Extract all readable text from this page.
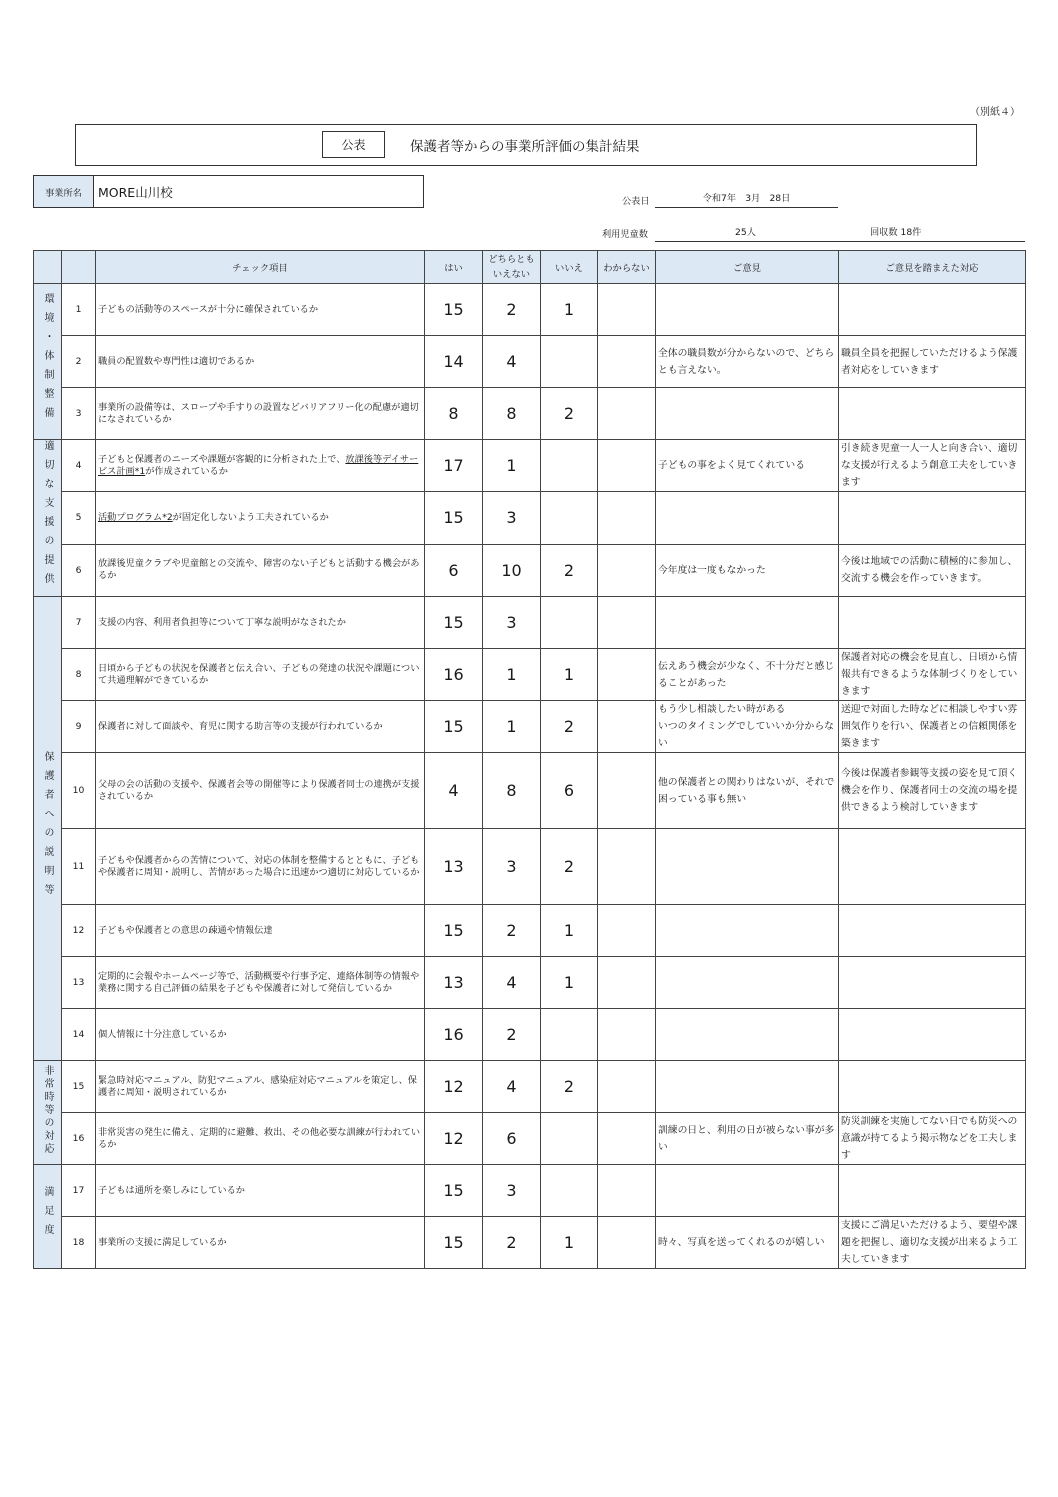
（別紙４）
公表	保護者等からの事業所評価の集計結果
事業所名	MORE山川校
公表日	令和7年　3月　28日
利用児童数	25人	回収数 18件
		チェック項目	はい	どちらとも
いえない	いいえ	わからない	ご意見	ご意見を踏まえた対応
環境・体制整備	1	子どもの活動等のスペースが十分に確保されているか	15	2	1			
	2	職員の配置数や専門性は適切であるか	14	4			全体の職員数が分からないので、どちらとも言えない。	職員全員を把握していただけるよう保護者対応をしていきます
	3	事業所の設備等は、スロープや手すりの設置などバリアフリー化の配慮が適切になされているか	8	8	2			
適切な支援の提供	4	子どもと保護者のニーズや課題が客観的に分析された上で、放課後等デイサービス計画*1が作成されているか	17	1			子どもの事をよく見てくれている	引き続き児童一人一人と向き合い、適切な支援が行えるよう創意工夫をしていきます
	5	活動プログラム*2が固定化しないよう工夫されているか	15	3				
	6	放課後児童クラブや児童館との交流や、障害のない子どもと活動する機会があるか	6	10	2		今年度は一度もなかった	今後は地域での活動に積極的に参加し、交流する機会を作っていきます。
保護者への説明等	7	支援の内容、利用者負担等について丁寧な説明がなされたか	15	3				
	8	日頃から子どもの状況を保護者と伝え合い、子どもの発達の状況や課題について共通理解ができているか	16	1	1		伝えあう機会が少なく、不十分だと感じることがあった	保護者対応の機会を見直し、日頃から情報共有できるような体制づくりをしていきます
	9	保護者に対して面談や、育児に関する助言等の支援が行われているか	15	1	2		もう少し相談したい時がある
いつのタイミングでしていいか分からない	送迎で対面した時などに相談しやすい雰囲気作りを行い、保護者との信頼関係を築きます
	10	父母の会の活動の支援や、保護者会等の開催等により保護者同士の連携が支援されているか	4	8	6		他の保護者との関わりはないが、それで困っている事も無い	今後は保護者参観等支援の姿を見て頂く機会を作り、保護者同士の交流の場を提供できるよう検討していきます
	11	子どもや保護者からの苦情について、対応の体制を整備するとともに、子どもや保護者に周知・説明し、苦情があった場合に迅速かつ適切に対応しているか	13	3	2			
	12	子どもや保護者との意思の疎通や情報伝達	15	2	1			
	13	定期的に会報やホームページ等で、活動概要や行事予定、連絡体制等の情報や業務に関する自己評価の結果を子どもや保護者に対して発信しているか	13	4	1			
	14	個人情報に十分注意しているか	16	2				
非常時等の対応	15	緊急時対応マニュアル、防犯マニュアル、感染症対応マニュアルを策定し、保護者に周知・説明されているか	12	4	2			
	16	非常災害の発生に備え、定期的に避難、救出、その他必要な訓練が行われているか	12	6			訓練の日と、利用の日が被らない事が多い	防災訓練を実施してない日でも防災への意識が持てるよう掲示物などを工夫します
満足度	17	子どもは通所を楽しみにしているか	15	3				
	18	事業所の支援に満足しているか	15	2	1		時々、写真を送ってくれるのが嬉しい	支援にご満足いただけるよう、要望や課題を把握し、適切な支援が出来るよう工夫していきます
